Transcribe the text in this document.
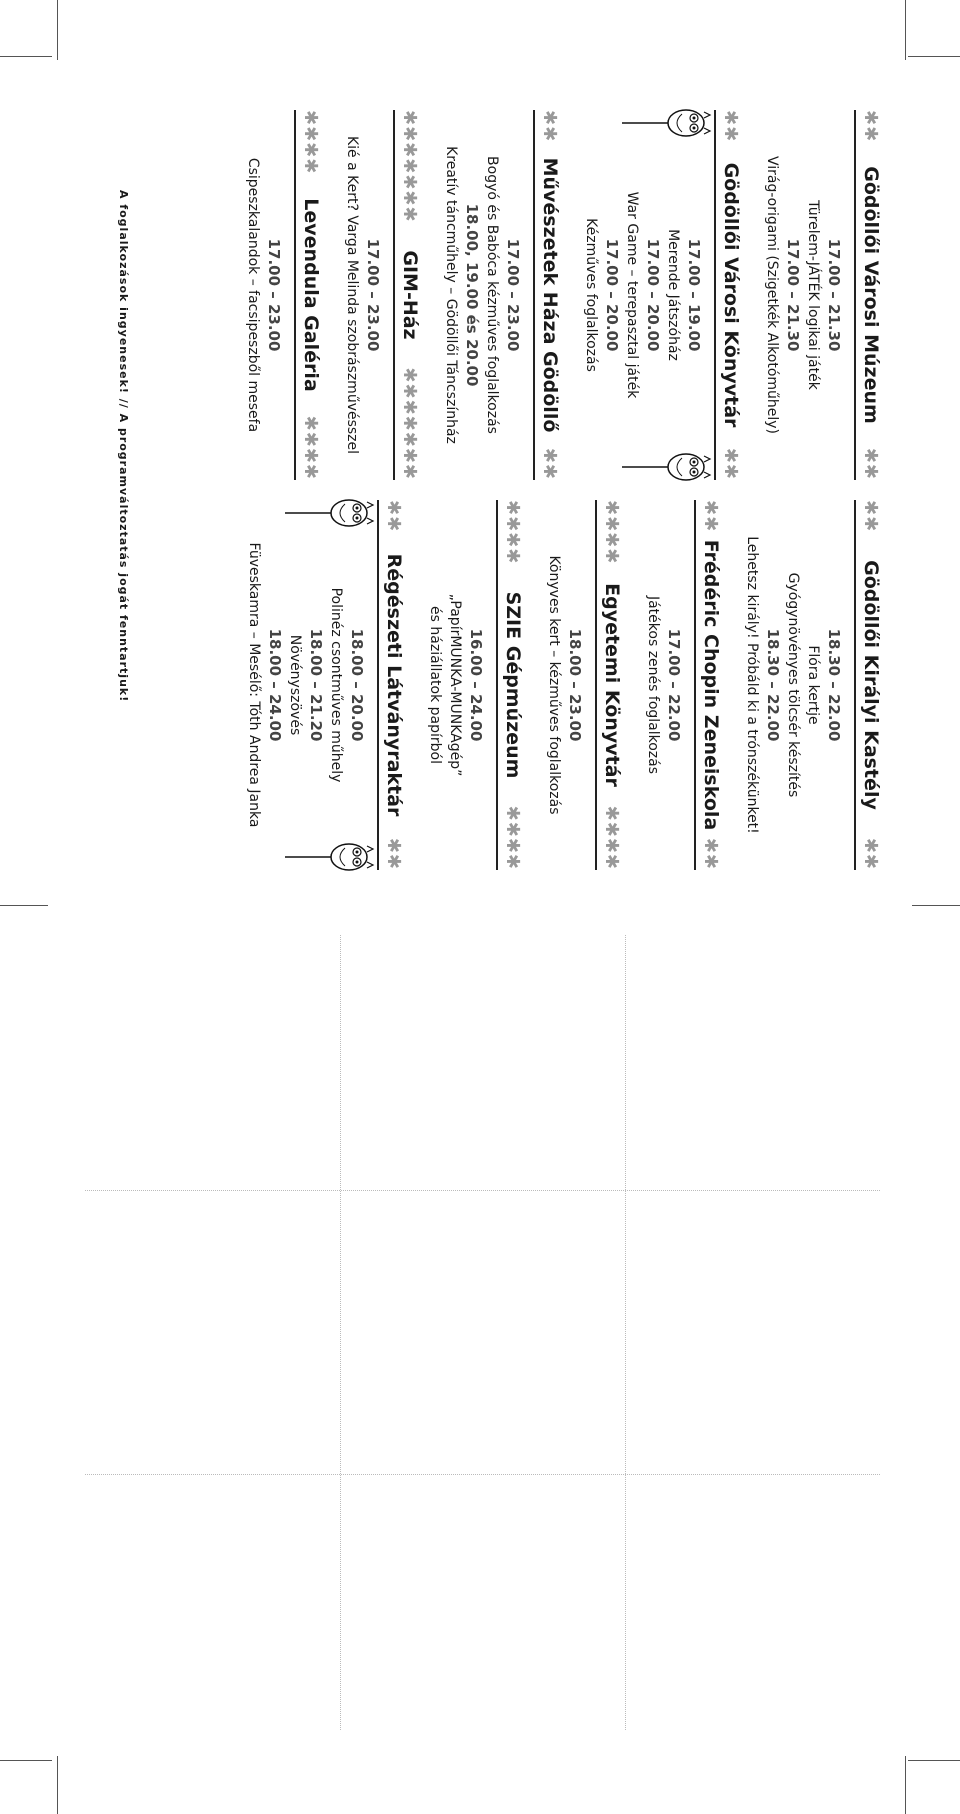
✱✱
Gödöllői Városi Múzeum
✱✱
17.00 – 21.30
Türelem-JÁTÉK logikai játék
17.00 – 21.30
Virág-origami (Szigetkék Alkotóműhely)
✱✱
Gödöllői Városi Könyvtár
✱✱
17.00 – 19.00
Merende Játszóház
17.00 – 20.00
War Game – terepasztal játék
17.00 – 20.00
Kézműves foglalkozás
✱✱
Művészetek Háza Gödöllő
✱✱
17.00 – 23.00
Bogyó és Babóca kézműves foglalkozás
18.00, 19.00 és 20.00
Kreatív táncműhely – Gödöllői Táncszínház
✱✱✱✱✱✱✱
GIM-Ház
✱✱✱✱✱✱✱
17.00 – 23.00
Kié a Kert? Varga Melinda szobrászművésszel
✱✱✱✱
Levendula Galéria
✱✱✱✱
17.00 – 23.00
Csipeszkalandok – facsipeszből mesefa
✱✱
Gödöllői Királyi Kastély
✱✱
18.30 – 22.00
Flóra kertje
Gyógynövényes tölcsér készítés
18.30 – 22.00
Lehetsz király! Próbáld ki a trónszékünket!
✱✱
Frédéric Chopin Zeneiskola
✱✱
17.00 – 22.00
Játékos zenés foglalkozás
✱✱✱✱
Egyetemi Könyvtár
✱✱✱✱
18.00 – 23.00
Könyves kert – kézműves foglalkozás
✱✱✱✱
SZIE Gépmúzeum
✱✱✱✱
16.00 – 24.00
„PapírMUNKA-MUNKAgép”
és háziállatok papírból
✱✱
Régészeti Látványraktár
✱✱
18.00 – 20.00
Polinéz csontműves műhely
18.00 – 21.20
Növényszövés
18.00 – 24.00
Füveskamra – Mesélő: Tóth Andrea Janka
A foglalkozások ingyenesek! // A programváltoztatás jogát fenntartjuk!
